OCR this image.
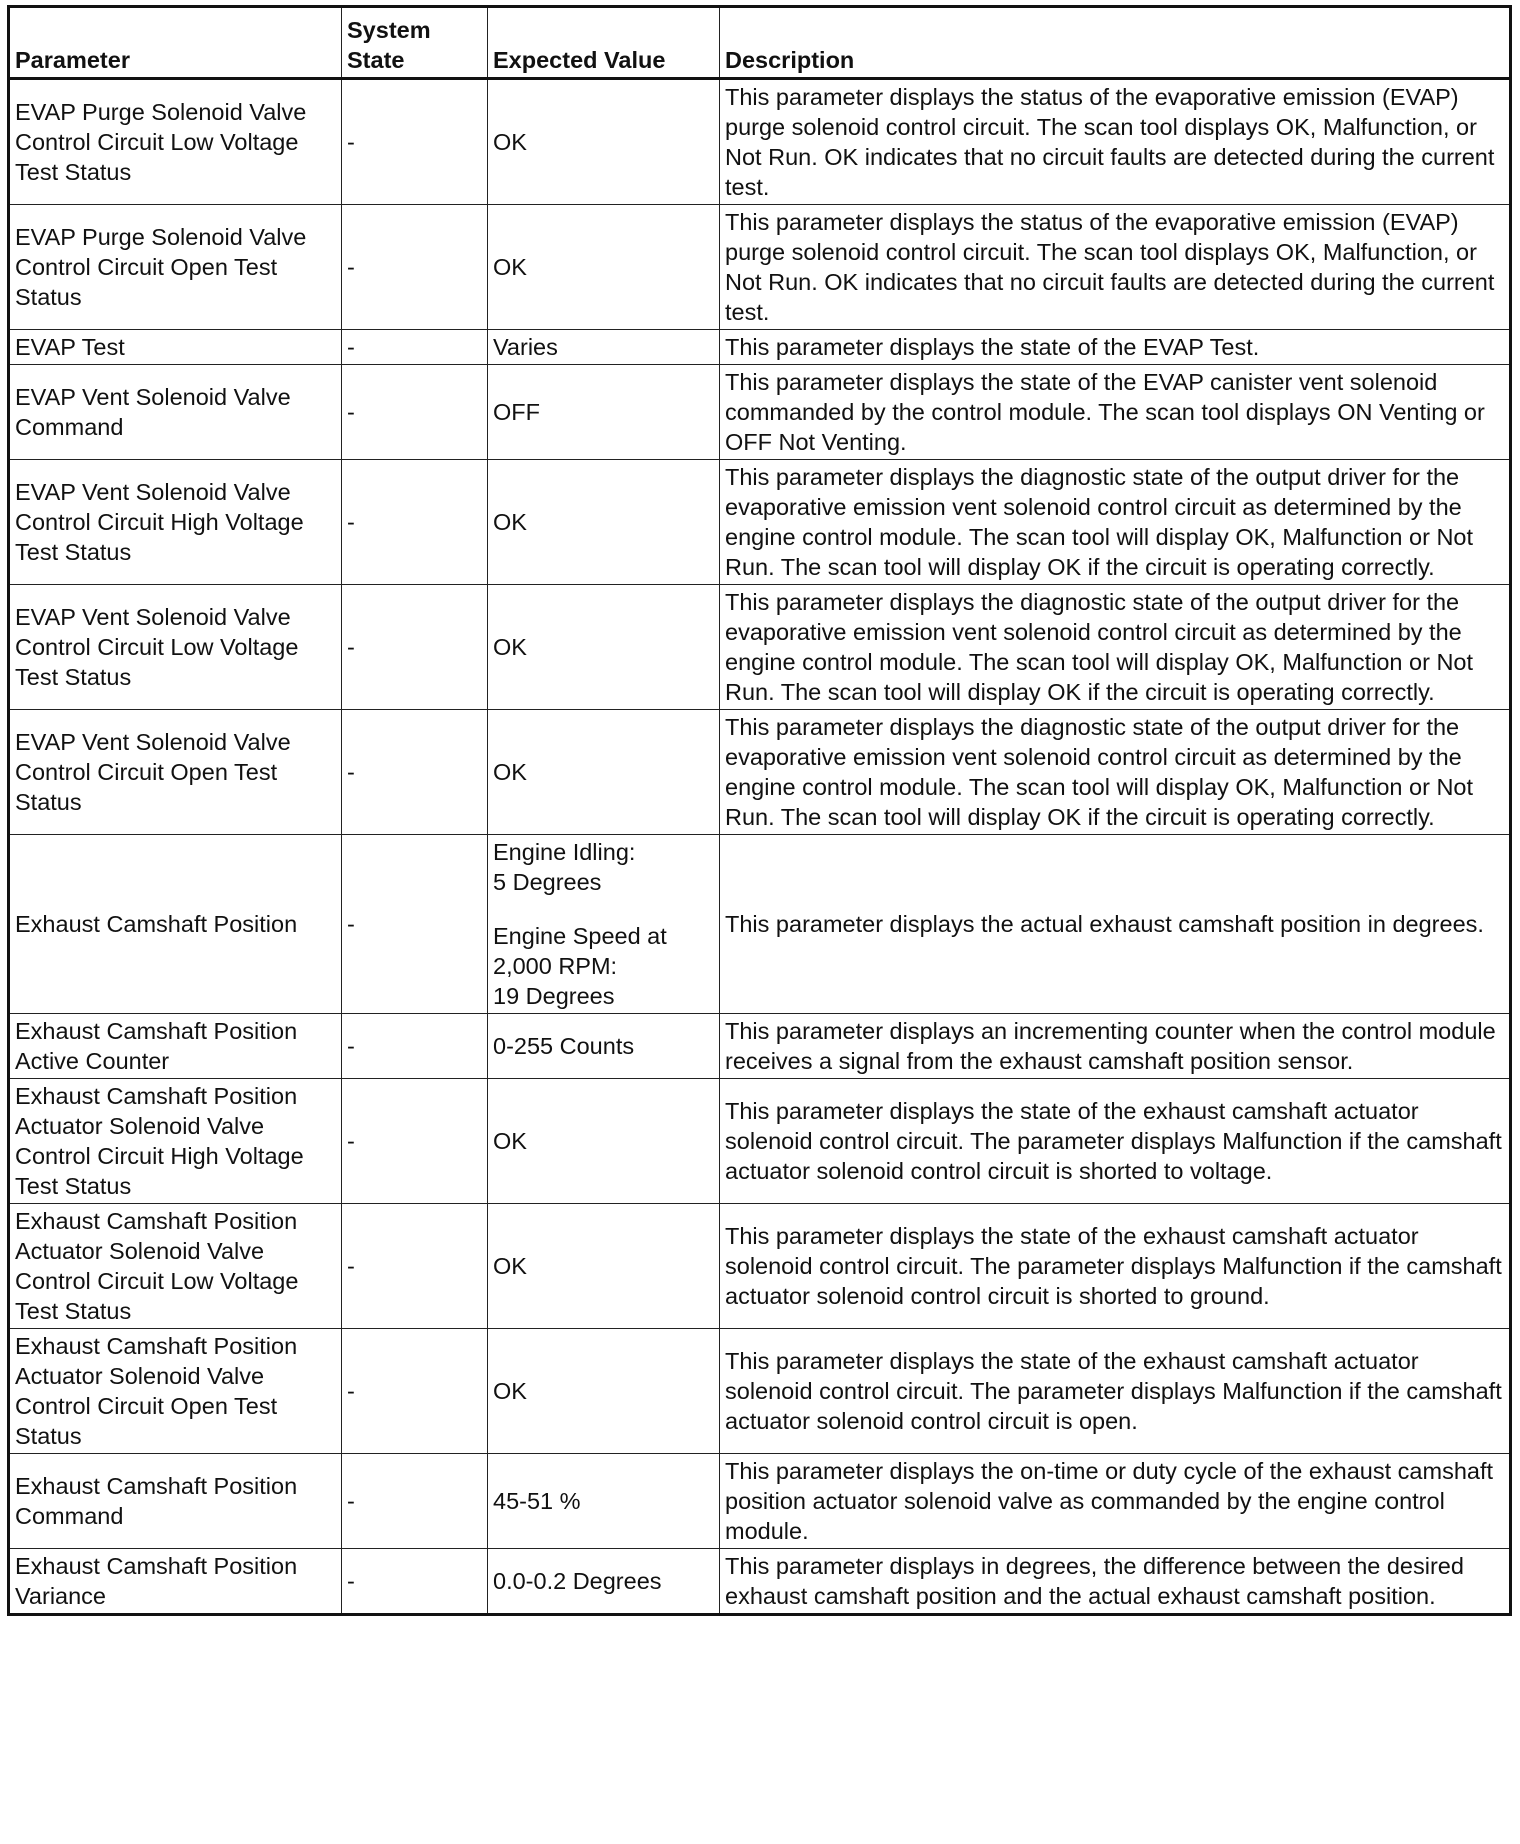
Parameter	System State	Expected Value	Description
EVAP Purge Solenoid Valve Control Circuit Low Voltage Test Status	-	OK	This parameter displays the status of the evaporative emission (EVAP) purge solenoid control circuit. The scan tool displays OK, Malfunction, or Not Run. OK indicates that no circuit faults are detected during the current test.
EVAP Purge Solenoid Valve Control Circuit Open Test Status	-	OK	This parameter displays the status of the evaporative emission (EVAP) purge solenoid control circuit. The scan tool displays OK, Malfunction, or Not Run. OK indicates that no circuit faults are detected during the current test.
EVAP Test	-	Varies	This parameter displays the state of the EVAP Test.
EVAP Vent Solenoid Valve Command	-	OFF	This parameter displays the state of the EVAP canister vent solenoid commanded by the control module. The scan tool displays ON Venting or OFF Not Venting.
EVAP Vent Solenoid Valve Control Circuit High Voltage Test Status	-	OK	This parameter displays the diagnostic state of the output driver for the evaporative emission vent solenoid control circuit as determined by the engine control module. The scan tool will display OK, Malfunction or Not Run. The scan tool will display OK if the circuit is operating correctly.
EVAP Vent Solenoid Valve Control Circuit Low Voltage Test Status	-	OK	This parameter displays the diagnostic state of the output driver for the evaporative emission vent solenoid control circuit as determined by the engine control module. The scan tool will display OK, Malfunction or Not Run. The scan tool will display OK if the circuit is operating correctly.
EVAP Vent Solenoid Valve Control Circuit Open Test Status	-	OK	This parameter displays the diagnostic state of the output driver for the evaporative emission vent solenoid control circuit as determined by the engine control module. The scan tool will display OK, Malfunction or Not Run. The scan tool will display OK if the circuit is operating correctly.
Exhaust Camshaft Position	-	Engine Idling:
5 Degrees
Engine Speed at
2,000 RPM:
19 Degrees	This parameter displays the actual exhaust camshaft position in degrees.
Exhaust Camshaft Position Active Counter	-	0-255 Counts	This parameter displays an incrementing counter when the control module receives a signal from the exhaust camshaft position sensor.
Exhaust Camshaft Position Actuator Solenoid Valve Control Circuit High Voltage Test Status	-	OK	This parameter displays the state of the exhaust camshaft actuator solenoid control circuit. The parameter displays Malfunction if the camshaft actuator solenoid control circuit is shorted to voltage.
Exhaust Camshaft Position Actuator Solenoid Valve Control Circuit Low Voltage Test Status	-	OK	This parameter displays the state of the exhaust camshaft actuator solenoid control circuit. The parameter displays Malfunction if the camshaft actuator solenoid control circuit is shorted to ground.
Exhaust Camshaft Position Actuator Solenoid Valve Control Circuit Open Test Status	-	OK	This parameter displays the state of the exhaust camshaft actuator solenoid control circuit. The parameter displays Malfunction if the camshaft actuator solenoid control circuit is open.
Exhaust Camshaft Position Command	-	45-51 %	This parameter displays the on-time or duty cycle of the exhaust camshaft position actuator solenoid valve as commanded by the engine control module.
Exhaust Camshaft Position Variance	-	0.0-0.2 Degrees	This parameter displays in degrees, the difference between the desired exhaust camshaft position and the actual exhaust camshaft position.
